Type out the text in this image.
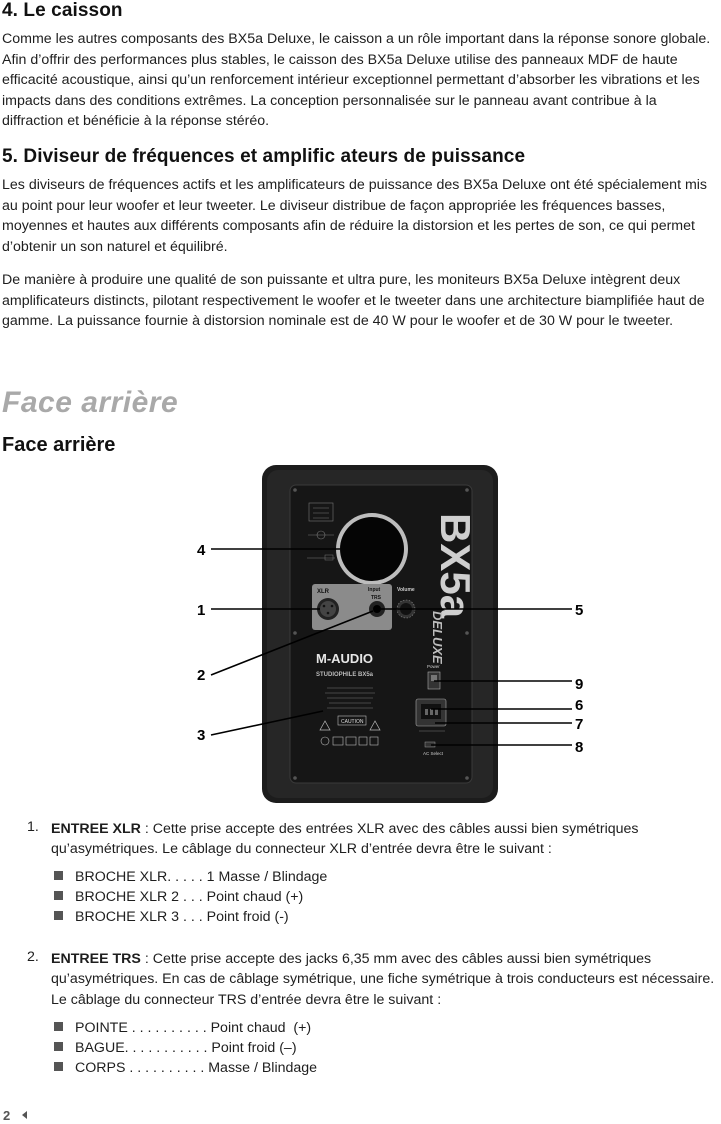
4. Le caisson

Comme les autres composants des BX5a Deluxe, le caisson a un rôle important dans la réponse sonore globale. Afin d’offrir des performances plus stables, le caisson des BX5a Deluxe utilise des panneaux MDF de haute efficacité acoustique, ainsi qu’un renforcement intérieur exceptionnel permettant d’absorber les vibrations et les impacts dans des conditions extrêmes. La conception personnalisée sur le panneau avant contribue à la diffraction et bénéficie à la réponse stéréo.

5. Diviseur de fréquences et amplific ateurs de puissance

Les diviseurs de fréquences actifs et les amplificateurs de puissance des BX5a Deluxe ont été spécialement mis au point pour leur woofer et leur tweeter. Le diviseur distribue de façon appropriée les fréquences basses, moyennes et hautes aux différents composants afin de réduire la distorsion et les pertes de son, ce qui permet d’obtenir un son naturel et équilibré.

De manière à produire une qualité de son puissante et ultra pure, les moniteurs BX5a Deluxe intègrent deux amplificateurs distincts, pilotant respectivement le woofer et le tweeter dans une architecture biamplifiée haut de gamme. La puissance fournie à distorsion nominale est de 40 W pour le woofer et de 30 W pour le tweeter.

Face arrière
Face arrière
BX5a
DELUXE
XLR	Input
TRS
Volume
M-AUDIO
STUDIOPHILE BX5a
CAUTION
Power
AC Select
4
1
2
3
5
9
6
7
8
1. ENTREE XLR : Cette prise accepte des entrées XLR avec des câbles aussi bien symétriques qu’asymétriques. Le câblage du connecteur XLR d’entrée devra être le suivant :

BROCHE XLR. . . . . 1 Masse / Blindage
BROCHE XLR 2 . . . Point chaud (+)
BROCHE XLR 3 . . . Point froid (-)
2. ENTREE TRS : Cette prise accepte des jacks 6,35 mm avec des câbles aussi bien symétriques qu’asymétriques. En cas de câblage symétrique, une fiche symétrique à trois conducteurs est nécessaire. Le câblage du connecteur TRS d’entrée devra être le suivant :

POINTE . . . . . . . . . . Point chaud  (+)
BAGUE. . . . . . . . . . . Point froid (–)
CORPS . . . . . . . . . . Masse / Blindage
2
